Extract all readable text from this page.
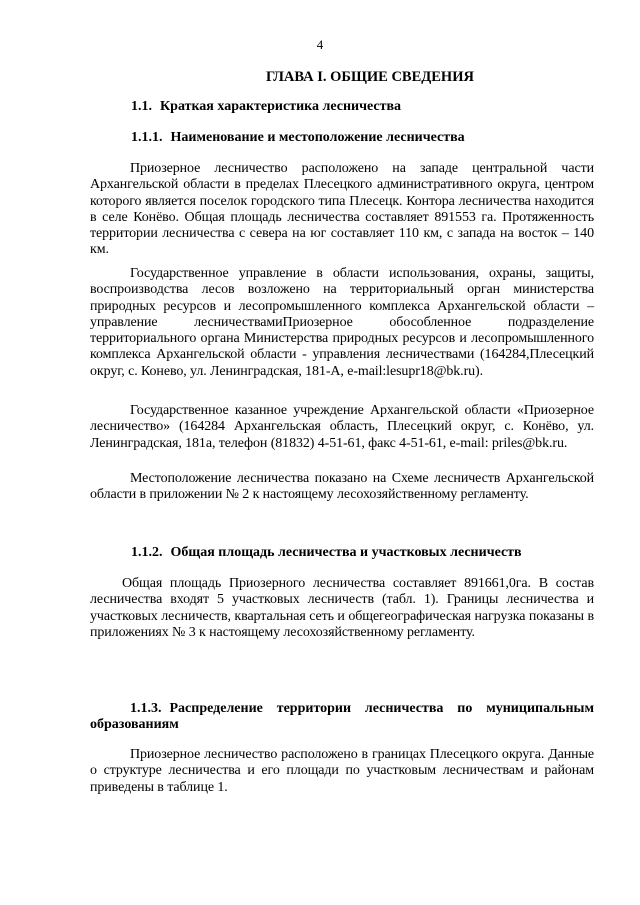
4
ГЛАВА I. ОБЩИЕ СВЕДЕНИЯ
1.1. Краткая характеристика лесничества
1.1.1. Наименование и местоположение лесничества

Приозерное лесничество расположено на западе центральной части Архангельской области в пределах Плесецкого административного округа, центром которого является поселок городского типа Плесецк. Контора лесничества находится в селе Конёво. Общая площадь лесничества составляет 891553 га. Протяженность территории лесничества с севера на юг составляет 110 км, с запада на восток – 140 км.

Государственное управление в области использования, охраны, защиты, воспроизводства лесов возложено на территориальный орган министерства природных ресурсов и лесопромышленного комплекса Архангельской области – управление лесничествамиПриозерное обособленное подразделение территориального органа Министерства природных ресурсов и лесопромышленного комплекса Архангельской области - управления лесничествами (164284,Плесецкий округ, с. Конево, ул. Ленинградская, 181-А, e-mail:lesupr18@bk.ru).

Государственное казанное учреждение Архангельской области «Приозерное лесничество» (164284 Архангельская область, Плесецкий округ, с. Конёво, ул. Ленинградская, 181а, телефон (81832) 4-51-61, факс 4-51-61, e-mail: priles@bk.ru.

Местоположение лесничества показано на Схеме лесничеств Архангельской области в приложении № 2 к настоящему лесохозяйственному регламенту.

1.1.2. Общая площадь лесничества и участковых лесничеств

Общая площадь Приозерного лесничества составляет 891661,0га. В состав лесничества входят 5 участковых лесничеств (табл. 1). Границы лесничества и участковых лесничеств, квартальная сеть и общегеографическая нагрузка показаны в приложениях № 3 к настоящему лесохозяйственному регламенту.

1.1.3. Распределение территории лесничества по муниципальным образованиям

Приозерное лесничество расположено в границах Плесецкого округа. Данные о структуре лесничества и его площади по участковым лесничествам и районам приведены в таблице 1.
